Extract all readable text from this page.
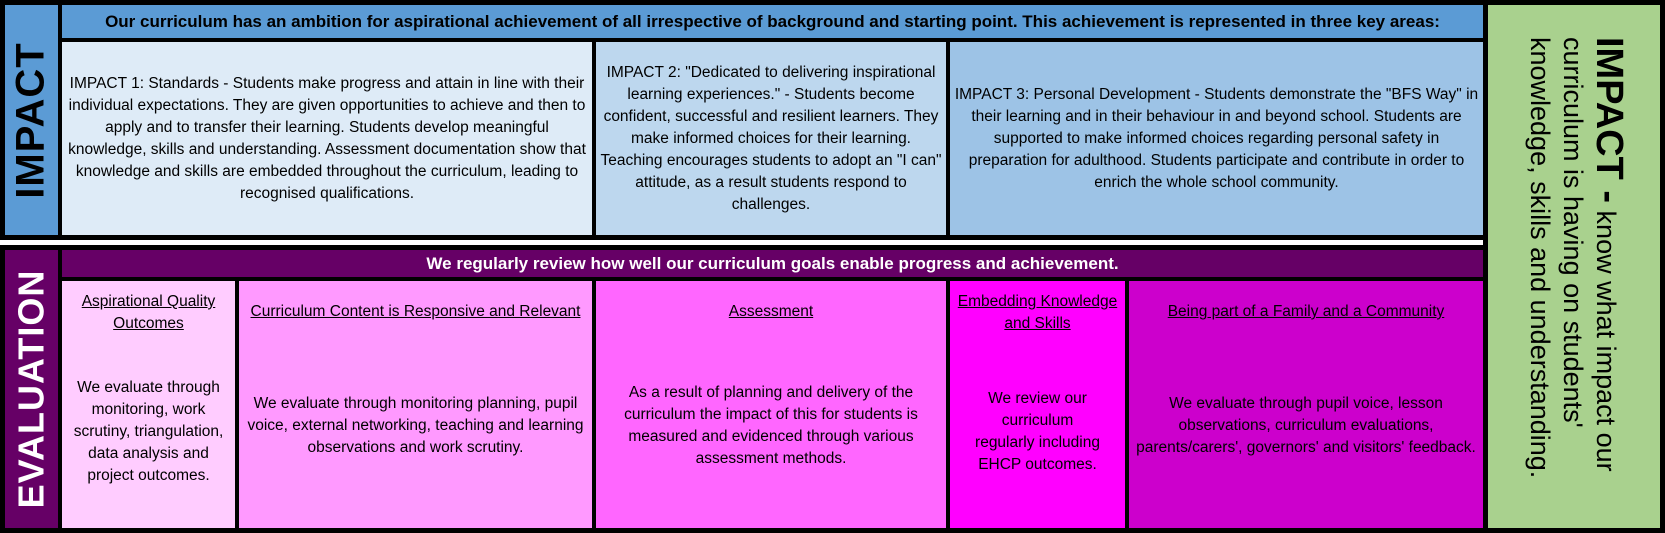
IMPACT
Our curriculum has an ambition for aspirational achievement of all irrespective of background and starting point. This achievement is represented in three key areas:
IMPACT 1: Standards - Students make progress and attain in line with their individual expectations. They are given opportunities to achieve and then to apply and to transfer their learning. Students develop meaningful knowledge, skills and understanding. Assessment documentation show that knowledge and skills are embedded throughout the curriculum, leading to recognised qualifications.
IMPACT 2: "Dedicated to delivering inspirational learning experiences." - Students become confident, successful and resilient learners. They make informed choices for their learning. Teaching encourages students to adopt an "I can" attitude, as a result students respond to challenges.
IMPACT 3: Personal Development - Students demonstrate the "BFS Way" in their learning and in their behaviour in and beyond school. Students are supported to make informed choices regarding personal safety in preparation for adulthood. Students participate and contribute in order to enrich the whole school community.
EVALUATION
We regularly review how well our curriculum goals enable progress and achievement.
Aspirational Quality Outcomes
We evaluate through monitoring, work scrutiny, triangulation, data analysis and project outcomes.
Curriculum Content is Responsive and Relevant
We evaluate through monitoring planning, pupil voice, external networking, teaching and learning observations and work scrutiny.
Assessment
As a result of planning and delivery of the curriculum the impact of this for students is measured and evidenced through various assessment methods.
Embedding Knowledge and Skills
We review our curriculum regularly including EHCP outcomes.
Being part of a Family and a Community
We evaluate through pupil voice, lesson observations, curriculum evaluations, parents/carers', governors' and visitors' feedback.
IMPACT - know what impact our curriculum is having on students' knowledge, skills and understanding.
